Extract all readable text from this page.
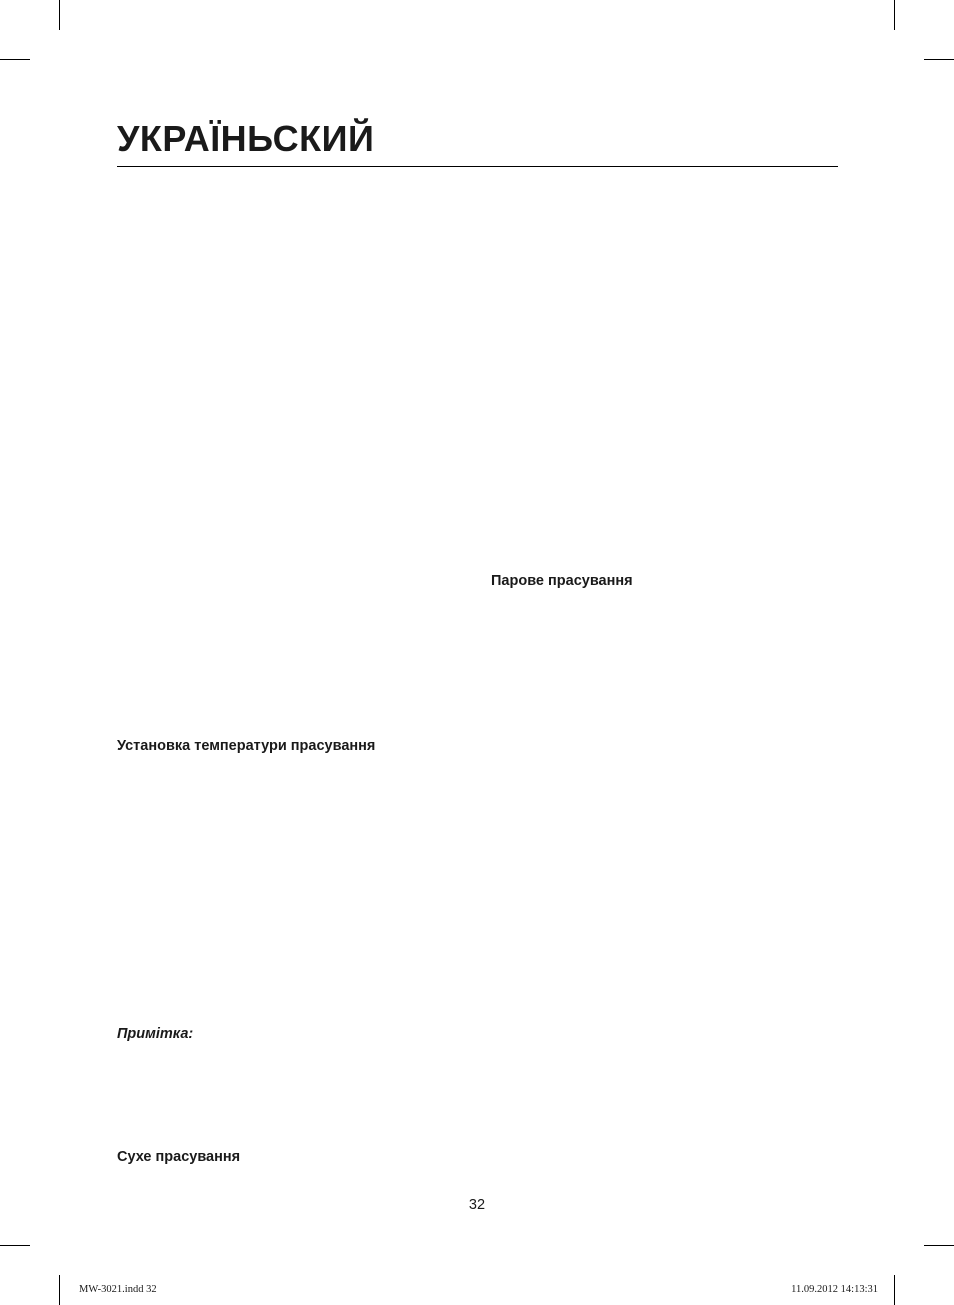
УКРАЇНЬСКИЙ
Установка температури прасування
Примітка:
Сухе прасування
Парове прасування
32
MW-3021.indd 32	11.09.2012 14:13:31
